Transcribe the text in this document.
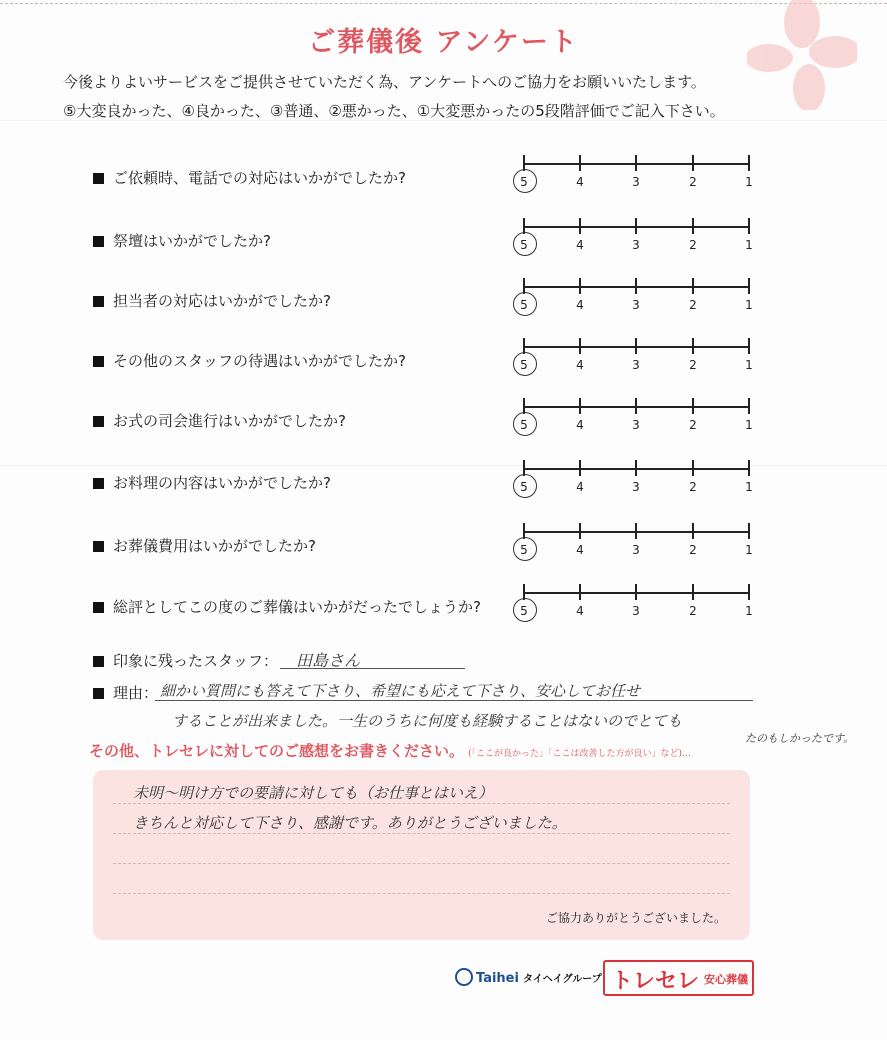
ご葬儀後 アンケート
今後よりよいサービスをご提供させていただく為、アンケートへのご協力をお願いいたします。
⑤大変良かった、④良かった、③普通、②悪かった、①大変悪かったの5段階評価でご記入下さい。
ご依頼時、電話での対応はいかがでしたか?	5	4	3	2	1
祭壇はいかがでしたか?	5	4	3	2	1
担当者の対応はいかがでしたか?	5	4	3	2	1
その他のスタッフの待遇はいかがでしたか?	5	4	3	2	1
お式の司会進行はいかがでしたか?	5	4	3	2	1
お料理の内容はいかがでしたか?	5	4	3	2	1
お葬儀費用はいかがでしたか?	5	4	3	2	1
総評としてこの度のご葬儀はいかがだったでしょうか?	5	4	3	2	1
印象に残ったスタッフ： 田島さん
理由： 細かい質問にも答えて下さり、希望にも応えて下さり、安心してお任せ
することが出来ました。一生のうちに何度も経験することはないのでとても
たのもしかったです。
その他、トレセレに対してのご感想をお書きください。 (「ここが良かった」「ここは改善した方が良い」など)…
未明～明け方での要請に対しても（お仕事とはいえ）
きちんと対応して下さり、感謝です。ありがとうございました。
ご協力ありがとうございました。
Taihei タイヘイグループ トレセレ 安心葬儀
